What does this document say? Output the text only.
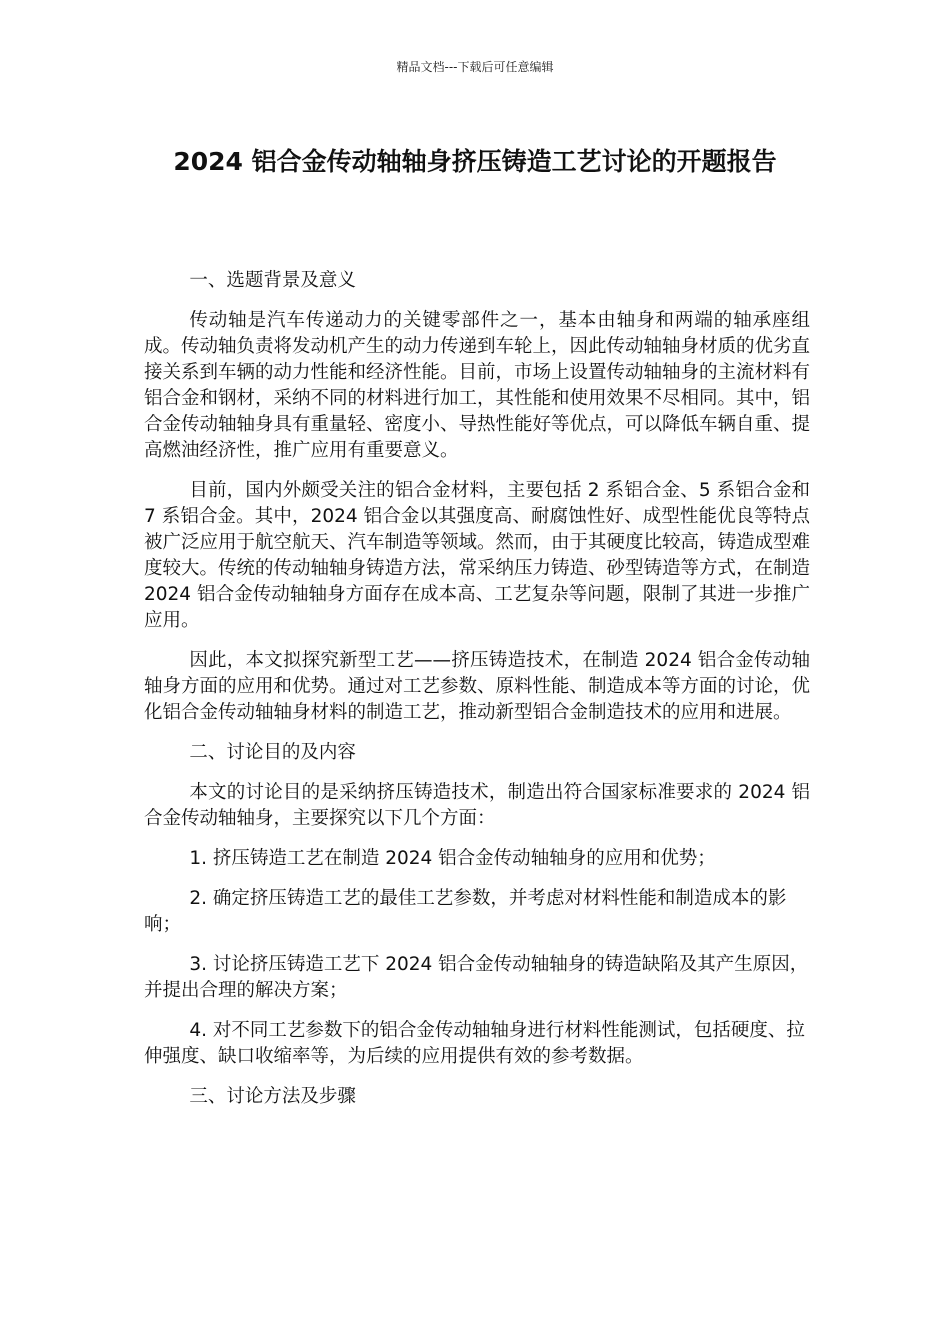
精品文档---下载后可任意编辑
2024 铝合金传动轴轴身挤压铸造工艺讨论的开题报告
一、选题背景及意义

传动轴是汽车传递动力的关键零部件之一，基本由轴身和两端的轴承座组成。传动轴负责将发动机产生的动力传递到车轮上，因此传动轴轴身材质的优劣直接关系到车辆的动力性能和经济性能。目前，市场上设置传动轴轴身的主流材料有铝合金和钢材，采纳不同的材料进行加工，其性能和使用效果不尽相同。其中，铝合金传动轴轴身具有重量轻、密度小、导热性能好等优点，可以降低车辆自重、提高燃油经济性，推广应用有重要意义。

目前，国内外颇受关注的铝合金材料，主要包括 2 系铝合金、5 系铝合金和 7 系铝合金。其中，2024 铝合金以其强度高、耐腐蚀性好、成型性能优良等特点被广泛应用于航空航天、汽车制造等领域。然而，由于其硬度比较高，铸造成型难度较大。传统的传动轴轴身铸造方法，常采纳压力铸造、砂型铸造等方式，在制造 2024 铝合金传动轴轴身方面存在成本高、工艺复杂等问题，限制了其进一步推广应用。

因此，本文拟探究新型工艺——挤压铸造技术，在制造 2024 铝合金传动轴轴身方面的应用和优势。通过对工艺参数、原料性能、制造成本等方面的讨论，优化铝合金传动轴轴身材料的制造工艺，推动新型铝合金制造技术的应用和进展。

二、讨论目的及内容

本文的讨论目的是采纳挤压铸造技术，制造出符合国家标准要求的 2024 铝合金传动轴轴身，主要探究以下几个方面：

1. 挤压铸造工艺在制造 2024 铝合金传动轴轴身的应用和优势；

2. 确定挤压铸造工艺的最佳工艺参数，并考虑对材料性能和制造成本的影响；

3. 讨论挤压铸造工艺下 2024 铝合金传动轴轴身的铸造缺陷及其产生原因，并提出合理的解决方案；

4. 对不同工艺参数下的铝合金传动轴轴身进行材料性能测试，包括硬度、拉伸强度、缺口收缩率等，为后续的应用提供有效的参考数据。

三、讨论方法及步骤
